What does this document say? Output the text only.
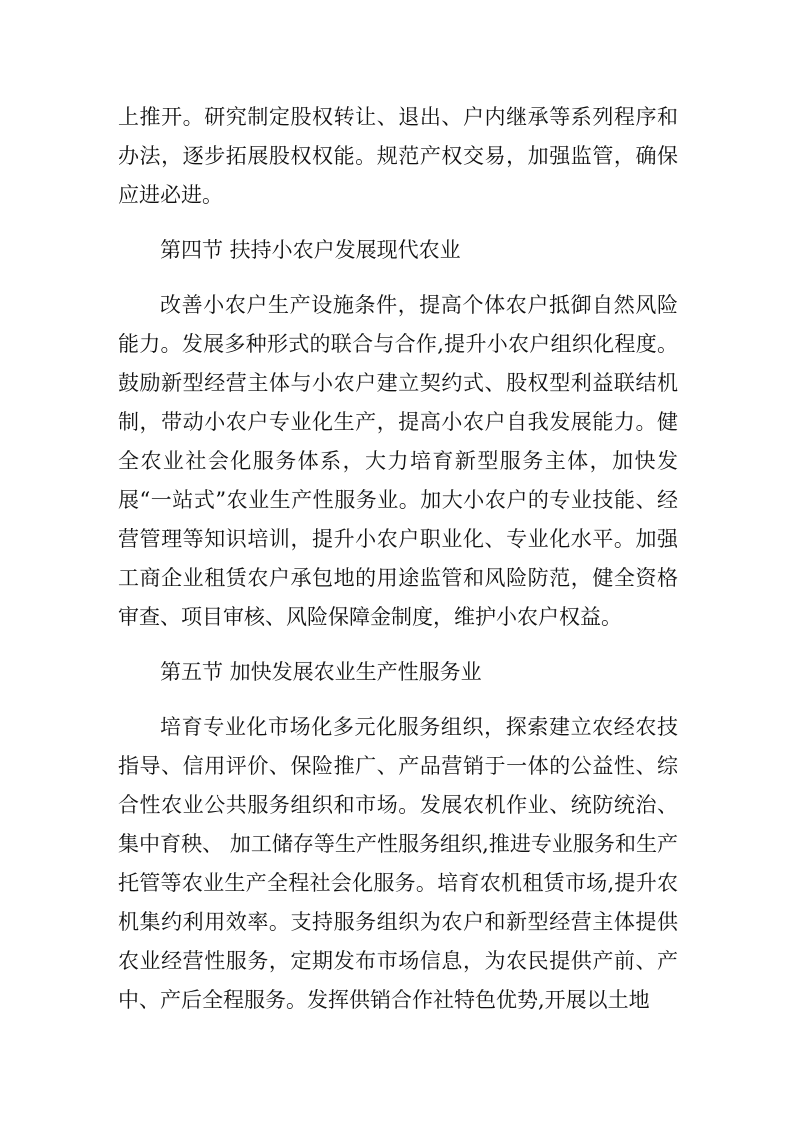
上推开。研究制定股权转让、退出、户内继承等系列程序和办法，逐步拓展股权权能。规范产权交易，加强监管，确保应进必进。

第四节 扶持小农户发展现代农业

改善小农户生产设施条件，提高个体农户抵御自然风险能力。发展多种形式的联合与合作,提升小农户组织化程度。鼓励新型经营主体与小农户建立契约式、股权型利益联结机制，带动小农户专业化生产，提高小农户自我发展能力。健全农业社会化服务体系，大力培育新型服务主体，加快发展“一站式”农业生产性服务业。加大小农户的专业技能、经营管理等知识培训，提升小农户职业化、专业化水平。加强工商企业租赁农户承包地的用途监管和风险防范，健全资格审查、项目审核、风险保障金制度，维护小农户权益。

第五节 加快发展农业生产性服务业

培育专业化市场化多元化服务组织，探索建立农经农技指导、信用评价、保险推广、产品营销于一体的公益性、综合性农业公共服务组织和市场。发展农机作业、统防统治、集中育秧、 加工储存等生产性服务组织,推进专业服务和生产托管等农业生产全程社会化服务。培育农机租赁市场,提升农机集约利用效率。支持服务组织为农户和新型经营主体提供农业经营性服务，定期发布市场信息，为农民提供产前、产中、产后全程服务。发挥供销合作社特色优势,开展以土地
